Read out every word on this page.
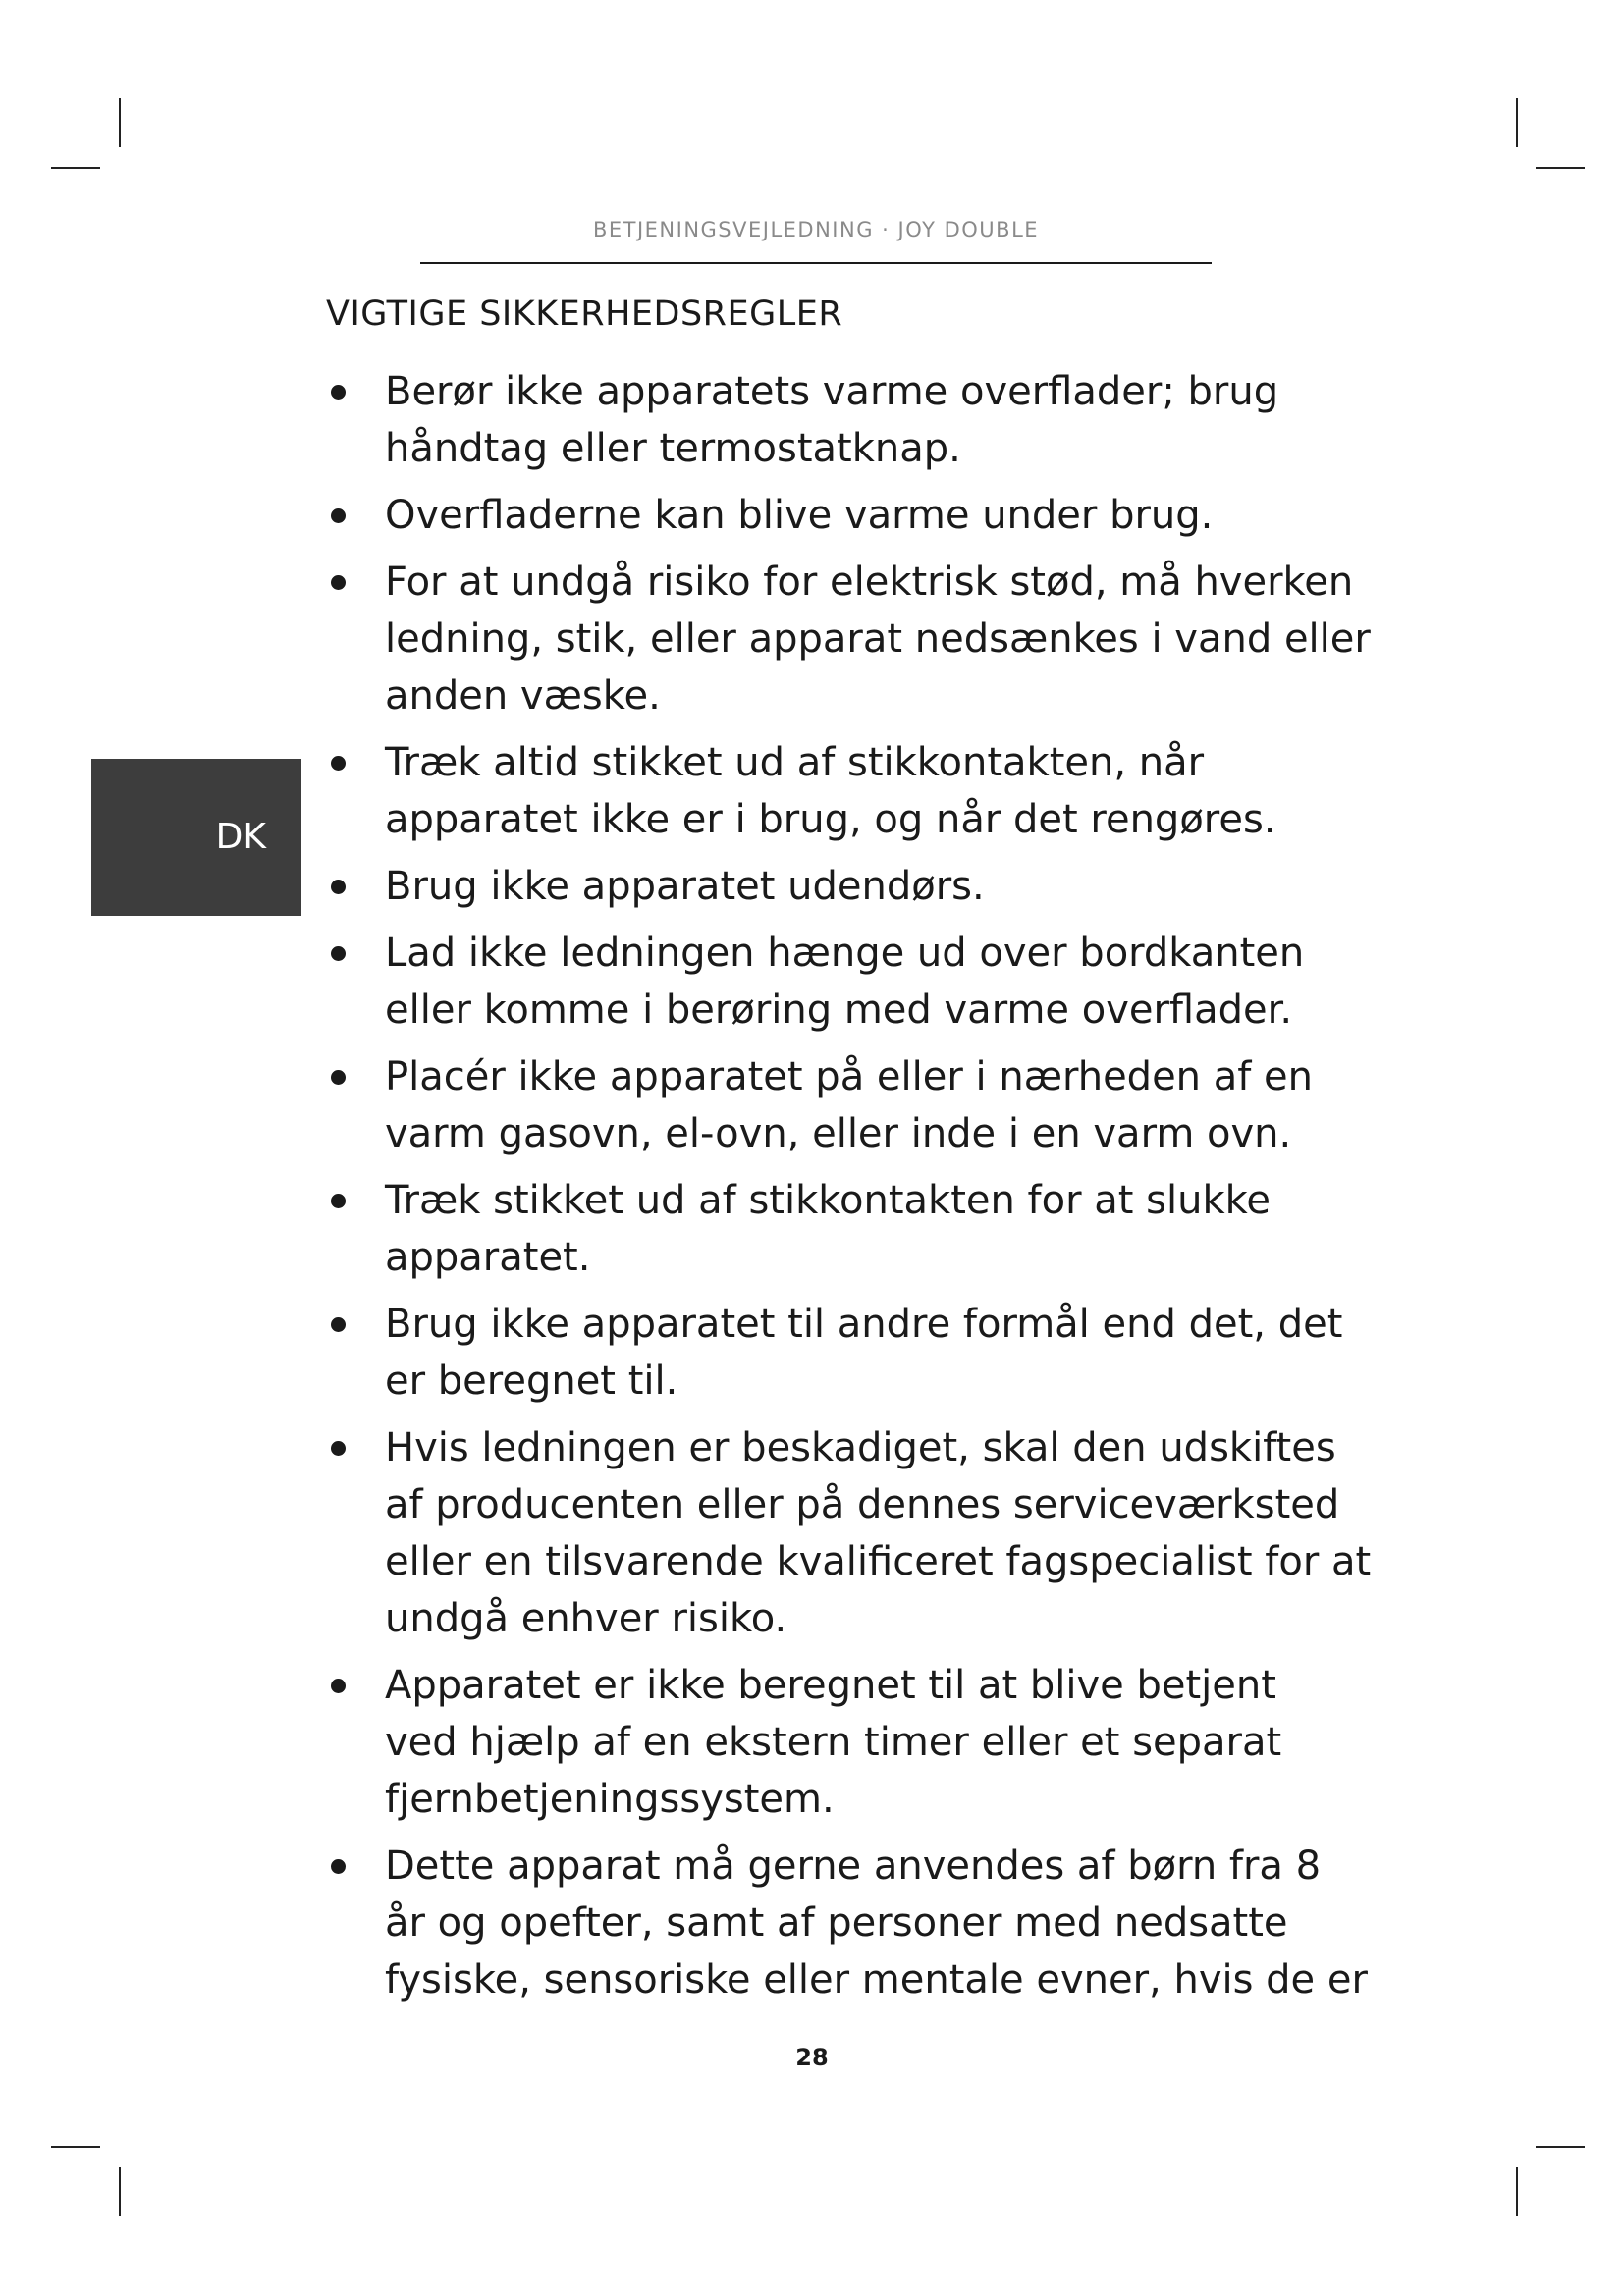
BETJENINGSVEJLEDNING · JOY DOUBLE
VIGTIGE SIKKERHEDSREGLER
DK
Berør ikke apparatets varme overflader; brug
håndtag eller termostatknap.
Overfladerne kan blive varme under brug.
For at undgå risiko for elektrisk stød, må hverken
ledning, stik, eller apparat nedsænkes i vand eller
anden væske.
Træk altid stikket ud af stikkontakten, når
apparatet ikke er i brug, og når det rengøres.
Brug ikke apparatet udendørs.
Lad ikke ledningen hænge ud over bordkanten
eller komme i berøring med varme overflader.
Placér ikke apparatet på eller i nærheden af en
varm gasovn, el-ovn, eller inde i en varm ovn.
Træk stikket ud af stikkontakten for at slukke
apparatet.
Brug ikke apparatet til andre formål end det, det
er beregnet til.
Hvis ledningen er beskadiget, skal den udskiftes
af producenten eller på dennes serviceværksted
eller en tilsvarende kvalificeret fagspecialist for at
undgå enhver risiko.
Apparatet er ikke beregnet til at blive betjent
ved hjælp af en ekstern timer eller et separat
fjernbetjeningssystem.
Dette apparat må gerne anvendes af børn fra 8
år og opefter, samt af personer med nedsatte
fysiske, sensoriske eller mentale evner, hvis de er
28
